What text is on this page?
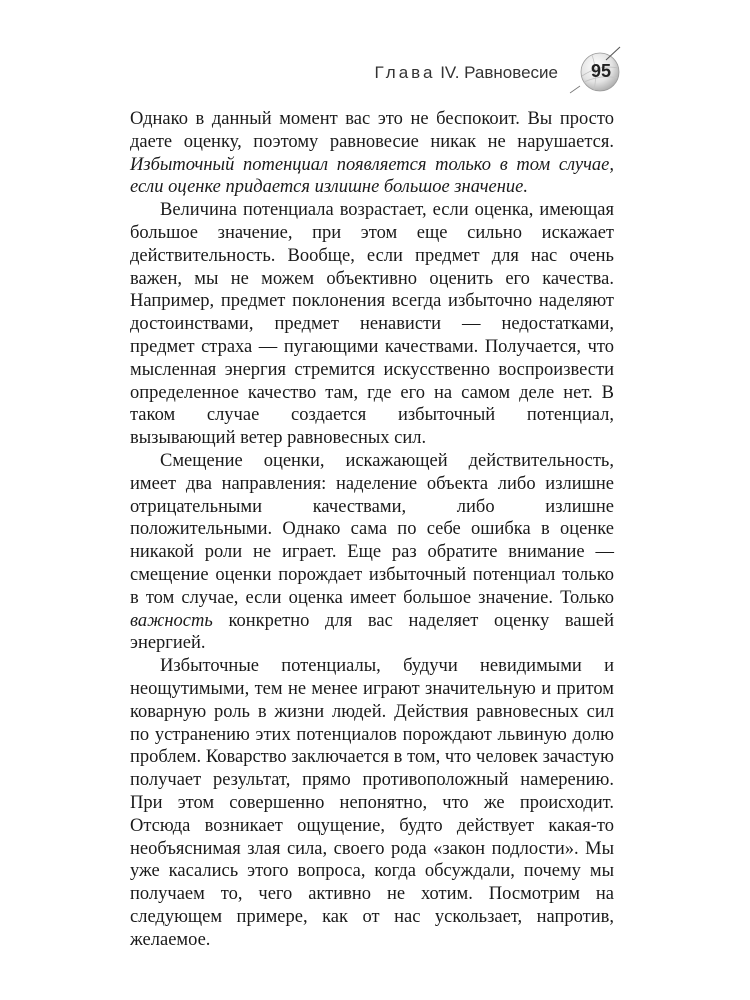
Глава IV. Равновесие 95

Однако в данный момент вас это не беспокоит. Вы просто даете оценку, поэтому равновесие никак не нарушается. Избыточный потенциал появляется только в том случае, если оценке придается излишне большое значение.

Величина потенциала возрастает, если оценка, имеющая большое значение, при этом еще сильно искажает действительность. Вообще, если предмет для нас очень важен, мы не можем объективно оценить его качества. Например, предмет поклонения всегда избыточно наделяют достоинствами, предмет ненависти — недостатками, предмет страха — пугающими качествами. Получается, что мысленная энергия стремится искусственно воспроизвести определенное качество там, где его на самом деле нет. В таком случае создается избыточный потенциал, вызывающий ветер равновесных сил.

Смещение оценки, искажающей действительность, имеет два направления: наделение объекта либо излишне отрицательными качествами, либо излишне положительными. Однако сама по себе ошибка в оценке никакой роли не играет. Еще раз обратите внимание — смещение оценки порождает избыточный потенциал только в том случае, если оценка имеет большое значение. Только важность конкретно для вас наделяет оценку вашей энергией.

Избыточные потенциалы, будучи невидимыми и неощутимыми, тем не менее играют значительную и притом коварную роль в жизни людей. Действия равновесных сил по устранению этих потенциалов порождают львиную долю проблем. Коварство заключается в том, что человек зачастую получает результат, прямо противоположный намерению. При этом совершенно непонятно, что же происходит. Отсюда возникает ощущение, будто действует какая-то необъяснимая злая сила, своего рода «закон подлости». Мы уже касались этого вопроса, когда обсуждали, почему мы получаем то, чего активно не хотим. Посмотрим на следующем примере, как от нас ускользает, напротив, желаемое.
